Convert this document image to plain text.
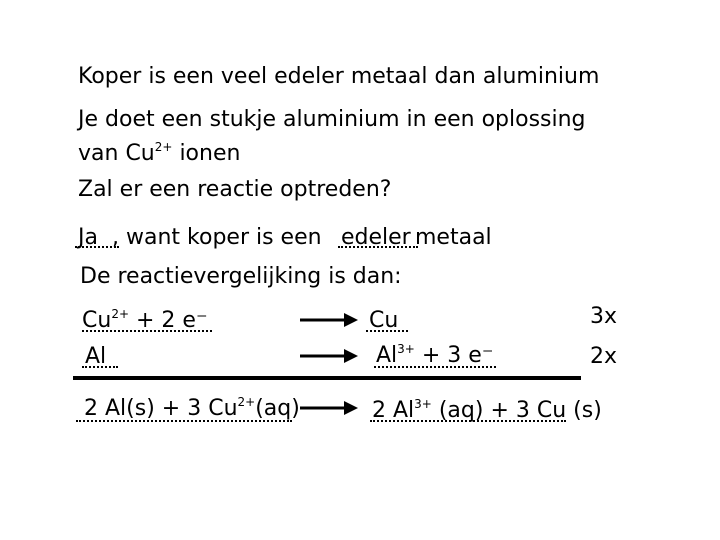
Koper is een veel edeler metaal dan aluminium
Je doet een stukje aluminium in een oplossing
van $Cu^{2+}$ ionen
Zal er een reactie optreden?
Ja , want koper is een edeler metaal
De reactievergelijking is dan:
$Cu^{2+} + 2$ e⁻	Cu	3x
Al	$Al^{3+} + 3$ e⁻	2x
2 Al(s) + 3 $Cu^{2+}(aq)$	2 $Al^{3+}$ (aq) + 3 Cu (s)
